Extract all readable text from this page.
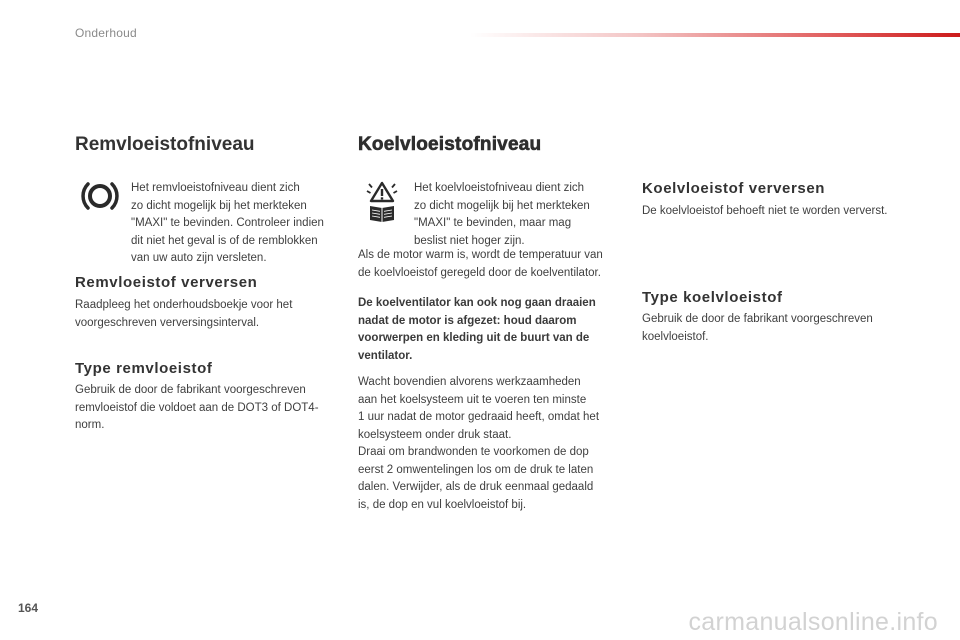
Onderhoud
Remvloeistofniveau

Het remvloeistofniveau dient zich

zo dicht mogelijk bij het merkteken

"MAXI" te bevinden. Controleer indien

dit niet het geval is of de remblokken

van uw auto zijn versleten.

Remvloeistof verversen

Raadpleeg het onderhoudsboekje voor het

voorgeschreven verversingsinterval.

Type remvloeistof

Gebruik de door de fabrikant voorgeschreven

remvloeistof die voldoet aan de DOT3 of DOT4-

norm.

Koelvloeistofniveau

Het koelvloeistofniveau dient zich

zo dicht mogelijk bij het merkteken

"MAXI" te bevinden, maar mag

beslist niet hoger zijn.

Als de motor warm is, wordt de temperatuur van

de koelvloeistof geregeld door de koelventilator.

De koelventilator kan ook nog gaan draaien

nadat de motor is afgezet: houd daarom

voorwerpen en kleding uit de buurt van de

ventilator.

Wacht bovendien alvorens werkzaamheden

aan het koelsysteem uit te voeren ten minste

1 uur nadat de motor gedraaid heeft, omdat het

koelsysteem onder druk staat.

Draai om brandwonden te voorkomen de dop

eerst 2 omwentelingen los om de druk te laten

dalen. Verwijder, als de druk eenmaal gedaald

is, de dop en vul koelvloeistof bij.

Koelvloeistof verversen

De koelvloeistof behoeft niet te worden ververst.

Type koelvloeistof

Gebruik de door de fabrikant voorgeschreven

koelvloeistof.

164	carmanualsonline.info
